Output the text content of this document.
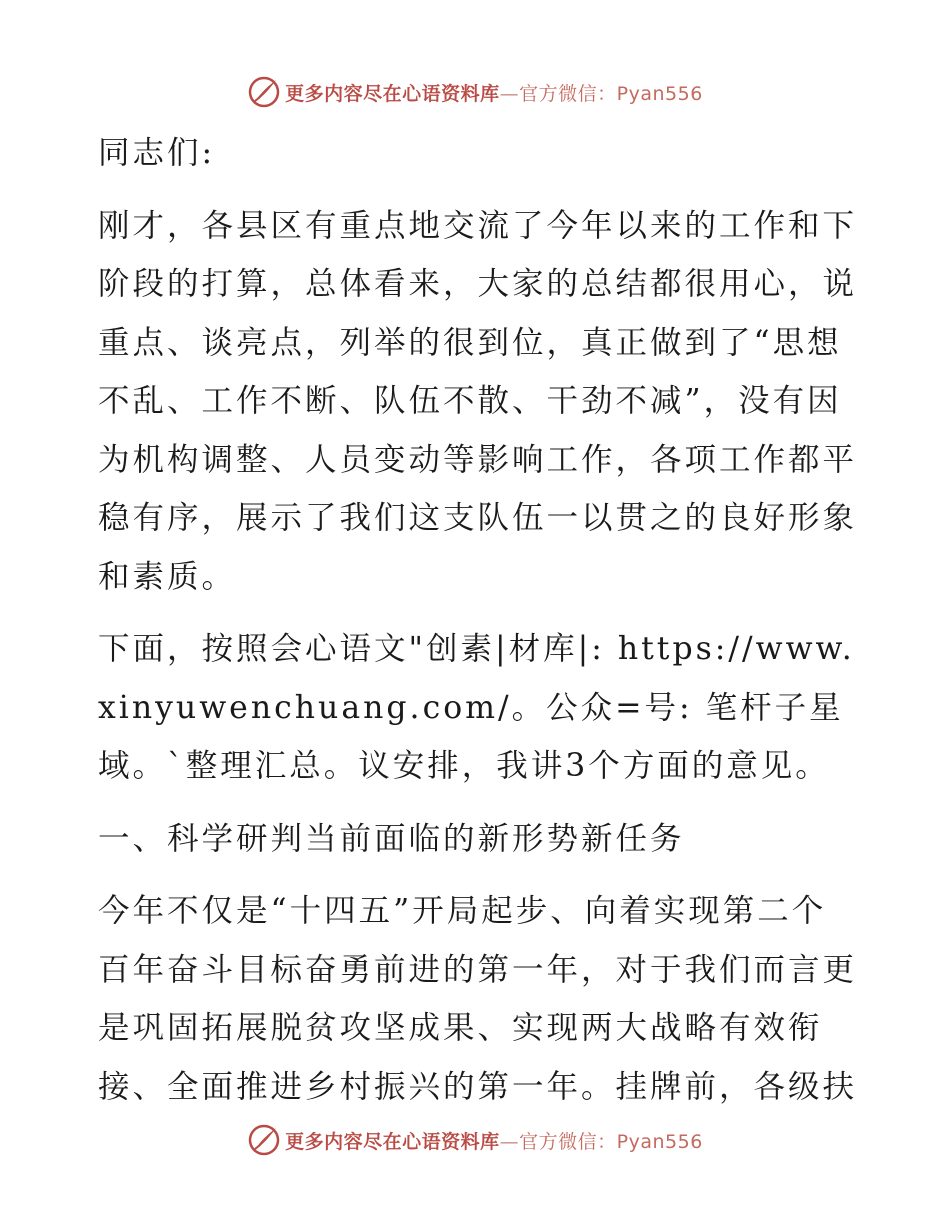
更多内容尽在心语资料库—官方微信：Pyan556

同志们:

刚才，各县区有重点地交流了今年以来的工作和下阶段的打算，总体看来，大家的总结都很用心，说重点、谈亮点，列举的很到位，真正做到了“思想不乱、工作不断、队伍不散、干劲不减”，没有因为机构调整、人员变动等影响工作，各项工作都平稳有序，展示了我们这支队伍一以贯之的良好形象和素质。

下面，按照会心语文"创素|材库|: https://www.xinyuwenchuang.com/。公众=号: 笔杆子星域。`整理汇总。议安排，我讲3个方面的意见。

一、科学研判当前面临的新形势新任务

今年不仅是“十四五”开局起步、向着实现第二个百年奋斗目标奋勇前进的第一年，对于我们而言更是巩固拓展脱贫攻坚成果、实现两大战略有效衔接、全面推进乡村振兴的第一年。挂牌前，各级扶

更多内容尽在心语资料库—官方微信：Pyan556
